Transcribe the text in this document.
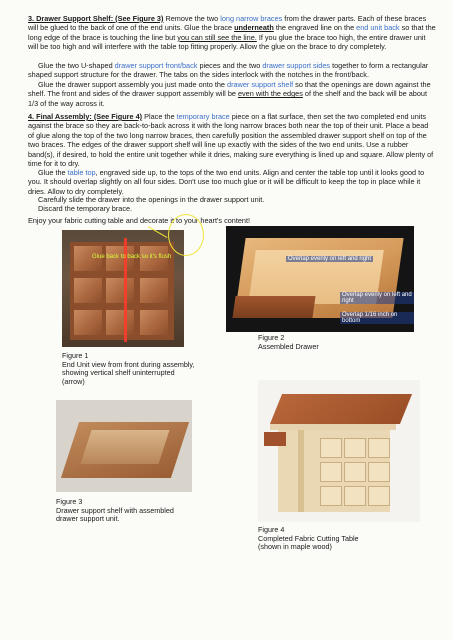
3. Drawer Support Shelf: (See Figure 3) Remove the two long narrow braces from the drawer parts. Each of these braces will be glued to the back of one of the end units. Glue the brace underneath the engraved line on the end unit back so that the long edge of the brace is touching the line but you can still see the line. If you glue the brace too high, the entire drawer unit will be too high and will interfere with the table top fitting properly. Allow the glue on the brace to dry completely.

Glue the two U-shaped drawer support front/back pieces and the two drawer support sides together to form a rectangular shaped support structure for the drawer. The tabs on the sides interlock with the notches in the front/back.

Glue the drawer support assembly you just made onto the drawer support shelf so that the openings are down against the shelf. The front and sides of the drawer support assembly will be even with the edges of the shelf and the back will be about 1/3 of the way across it.

4. Final Assembly: (See Figure 4) Place the temporary brace piece on a flat surface, then set the two completed end units against the brace so they are back-to-back across it with the long narrow braces both near the top of their unit. Place a bead of glue along the top of the two long narrow braces, then carefully position the assembled drawer support shelf on top of the two braces. The edges of the drawer support shelf will line up exactly with the sides of the two end units. Use a rubber band(s), if desired, to hold the entire unit together while it dries, making sure everything is lined up and square. Allow plenty of time for it to dry.

Glue the table top, engraved side up, to the tops of the two end units. Align and center the table top until it looks good to you. It should overlap slightly on all four sides. Don't use too much glue or it will be difficult to keep the top in place while it dries. Allow to dry completely.

Carefully slide the drawer into the openings in the drawer support unit.

Discard the temporary brace.

Enjoy your fabric cutting table and decorate it to your heart's content!

Glue back to back so it's flush
Figure 1
End Unit view from front during assembly,
showing vertical shelf uninterrupted
(arrow)
Overlap evenly on left and right
Overlap evenly on left and right
Overlap 1/16 inch on bottom
Figure 2
Assembled Drawer
Figure 3
Drawer support shelf with assembled
drawer support unit.
Figure 4
Completed Fabric Cutting Table
(shown in maple wood)
